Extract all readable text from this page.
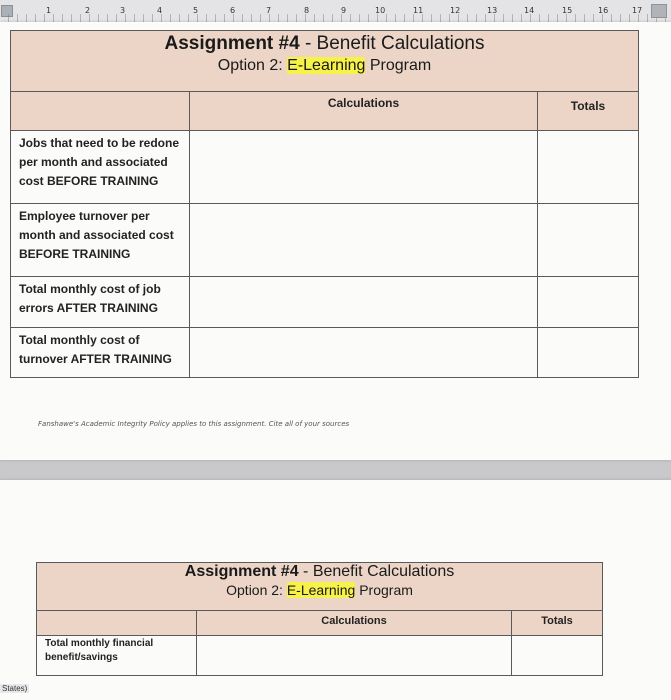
1	2	3	4	5	6	7	8	9	10	11	12	13	14	15	16	17
Assignment #4 - Benefit Calculations
Option 2: E-Learning Program		

	Calculations	Totals

Jobs that need to be redone per month and associated cost BEFORE TRAINING		
Employee turnover per month and associated cost BEFORE TRAINING		
Total monthly cost of job errors AFTER TRAINING		
Total monthly cost of turnover AFTER TRAINING		
Fanshawe's Academic Integrity Policy applies to this assignment. Cite all of your sources
Assignment #4 - Benefit Calculations
Option 2: E-Learning Program		

	Calculations	Totals

Total monthly financial benefit/savings		
States)
